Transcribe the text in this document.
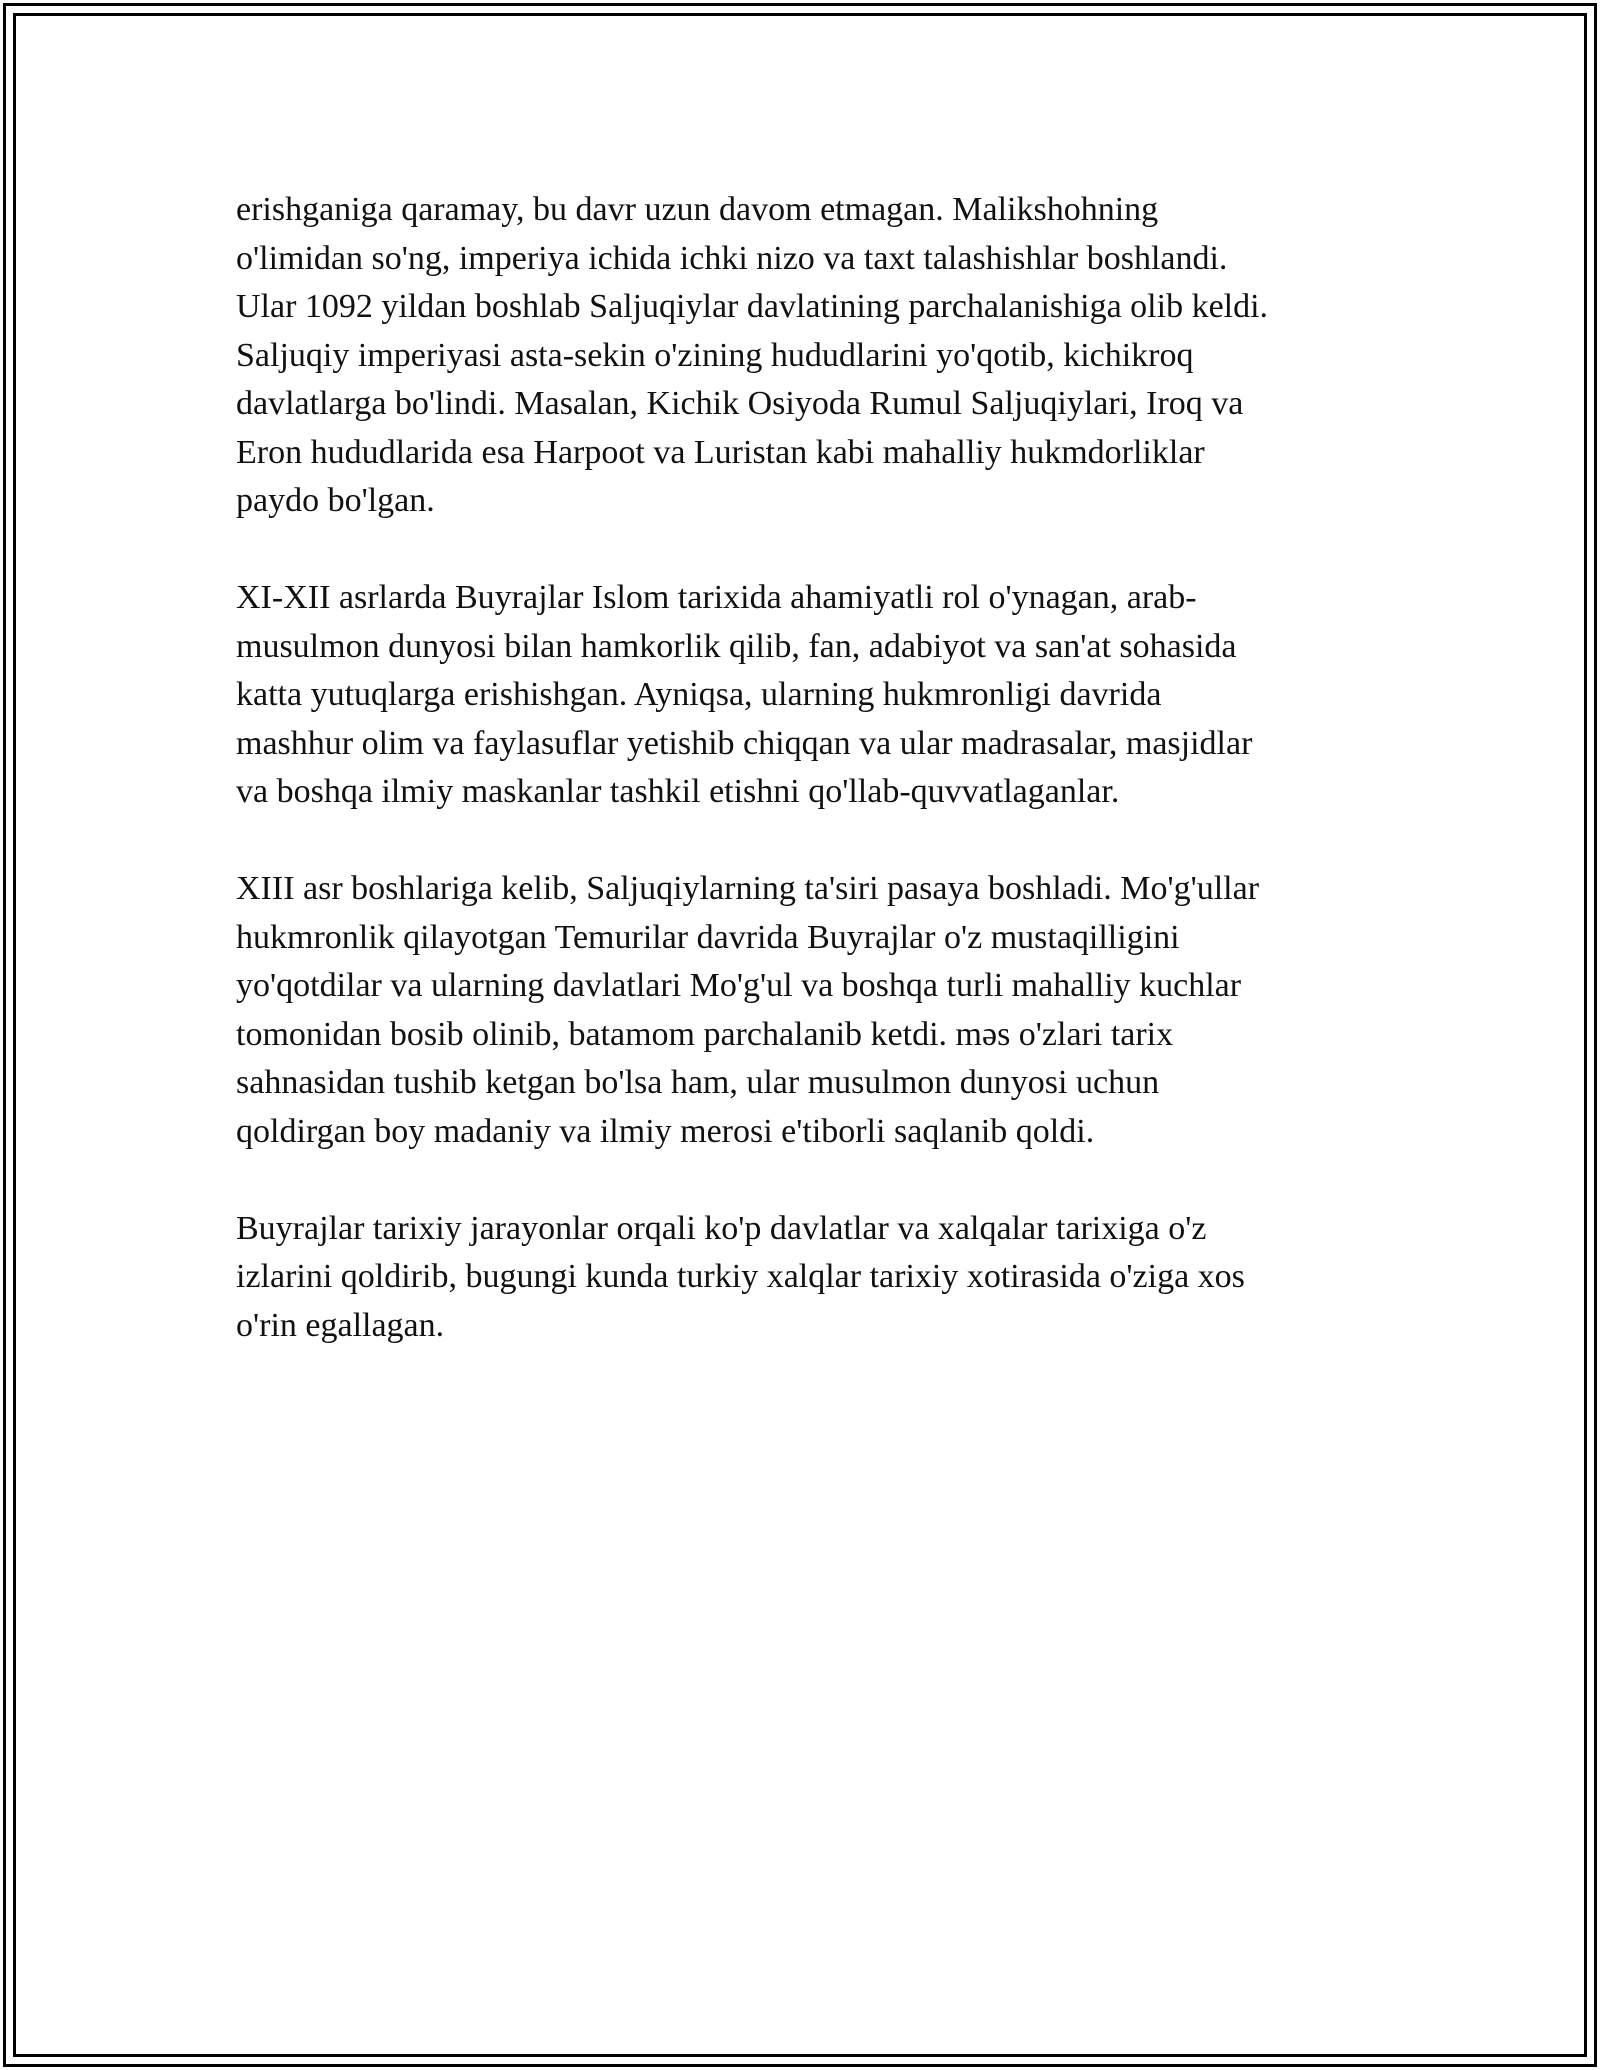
erishganiga qaramay, bu davr uzun davom etmagan. Malikshohning
o'limidan so'ng, imperiya ichida ichki nizo va taxt talashishlar boshlandi.
Ular 1092 yildan boshlab Saljuqiylar davlatining parchalanishiga olib keldi.
Saljuqiy imperiyasi asta-sekin o'zining hududlarini yo'qotib, kichikroq
davlatlarga bo'lindi. Masalan, Kichik Osiyoda Rumul Saljuqiylari, Iroq va
Eron hududlarida esa Harpoot va Luristan kabi mahalliy hukmdorliklar
paydo bo'lgan.

XI-XII asrlarda Buyrajlar Islom tarixida ahamiyatli rol o'ynagan, arab-
musulmon dunyosi bilan hamkorlik qilib, fan, adabiyot va san'at sohasida
katta yutuqlarga erishishgan. Ayniqsa, ularning hukmronligi davrida
mashhur olim va faylasuflar yetishib chiqqan va ular madrasalar, masjidlar
va boshqa ilmiy maskanlar tashkil etishni qo'llab-quvvatlaganlar.

XIII asr boshlariga kelib, Saljuqiylarning ta'siri pasaya boshladi. Mo'g'ullar
hukmronlik qilayotgan Temurilar davrida Buyrajlar o'z mustaqilligini
yo'qotdilar va ularning davlatlari Mo'g'ul va boshqa turli mahalliy kuchlar
tomonidan bosib olinib, batamom parchalanib ketdi. məs o'zlari tarix
sahnasidan tushib ketgan bo'lsa ham, ular musulmon dunyosi uchun
qoldirgan boy madaniy va ilmiy merosi e'tiborli saqlanib qoldi.

Buyrajlar tarixiy jarayonlar orqali ko'p davlatlar va xalqalar tarixiga o'z
izlarini qoldirib, bugungi kunda turkiy xalqlar tarixiy xotirasida o'ziga xos
o'rin egallagan.
